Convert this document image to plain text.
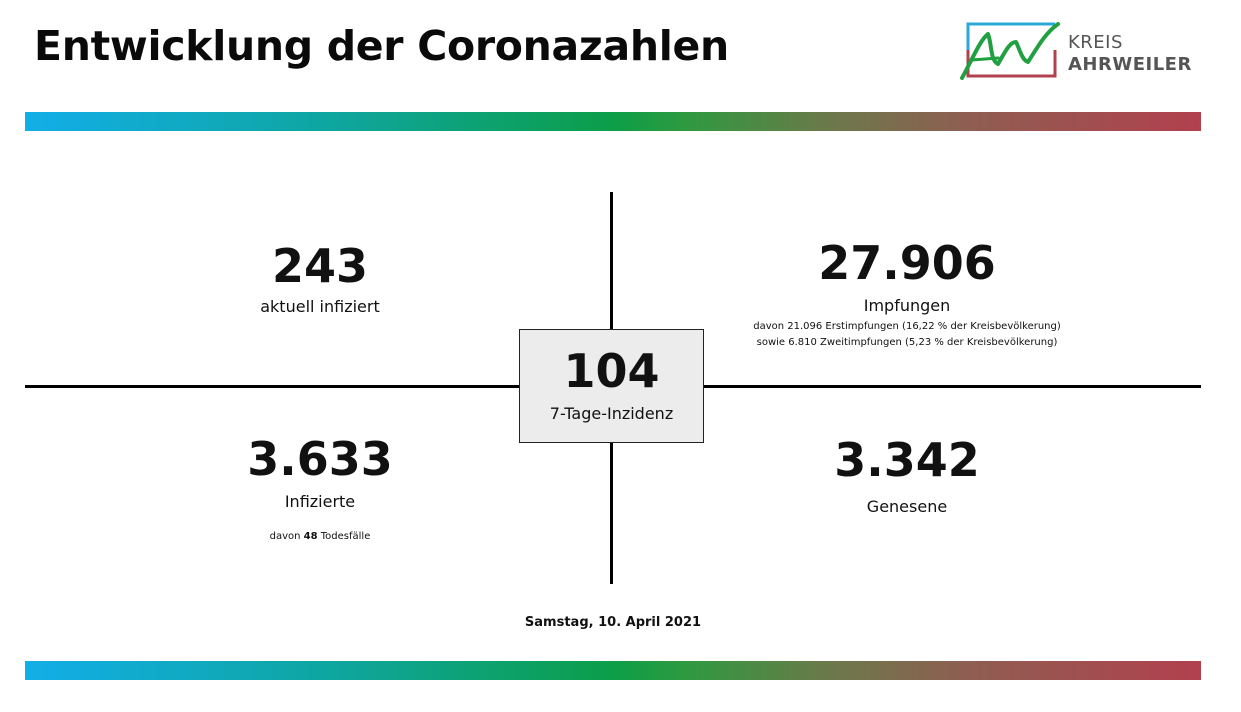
Entwicklung der Coronazahlen	KREIS
AHRWEILER
243
aktuell infiziert
27.906
Impfungen
davon 21.096 Erstimpfungen (16,22 % der Kreisbevölkerung)
sowie 6.810 Zweitimpfungen (5,23 % der Kreisbevölkerung)
3.633
Infizierte
davon 48 Todesfälle
3.342
Genesene
104
7-Tage-Inzidenz
Samstag, 10. April 2021
